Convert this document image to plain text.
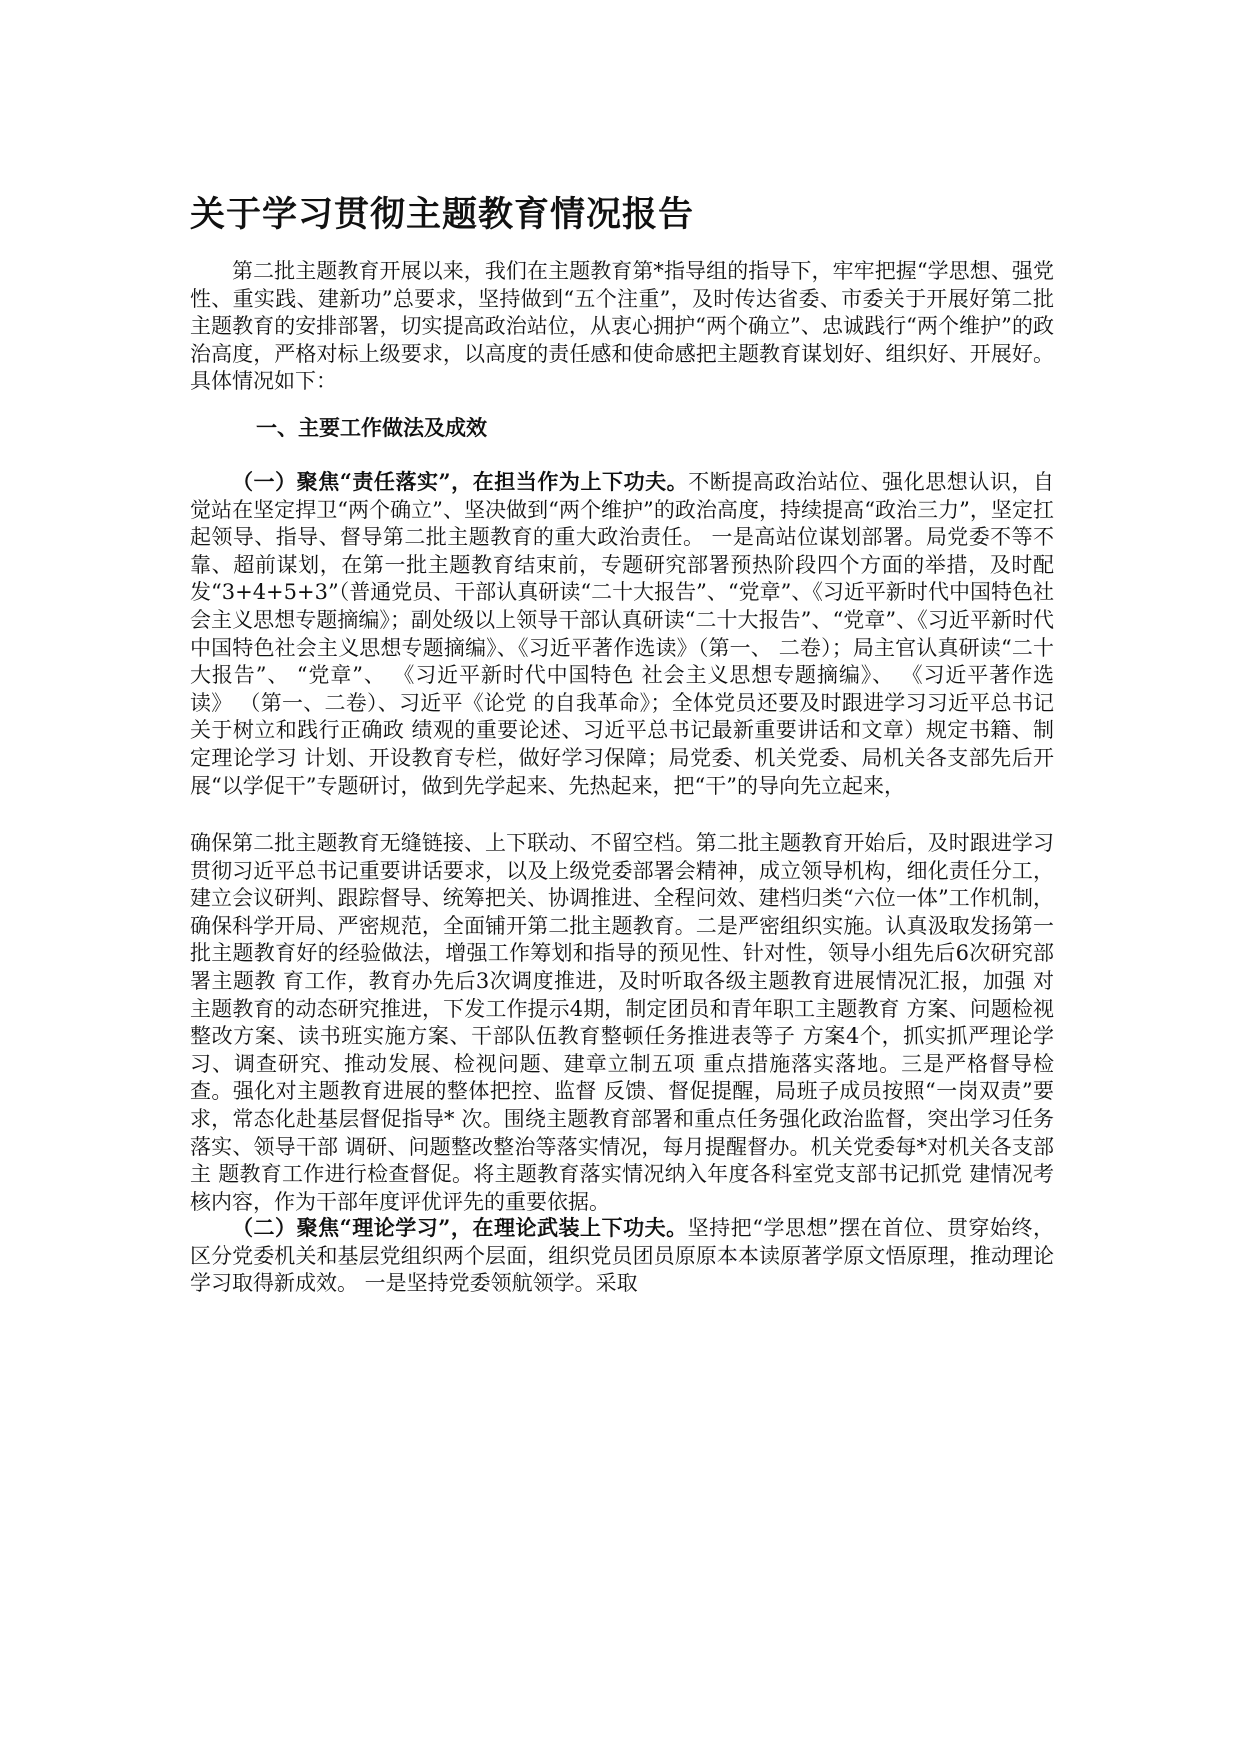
关于学习贯彻主题教育情况报告

第二批主题教育开展以来，我们在主题教育第*指导组的指导下，牢牢把握“学思想、强党性、重实践、建新功”总要求，坚持做到“五个注重”，及时传达省委、市委关于开展好第二批主题教育的安排部署，切实提高政治站位，从衷心拥护“两个确立”、忠诚践行“两个维护”的政治高度，严格对标上级要求，以高度的责任感和使命感把主题教育谋划好、组织好、开展好。具体情况如下：

一、主要工作做法及成效

（一）聚焦“责任落实”，在担当作为上下功夫。不断提高政治站位、强化思想认识，自觉站在坚定捍卫“两个确立”、坚决做到“两个维护”的政治高度，持续提高“政治三力”，坚定扛起领导、指导、督导第二批主题教育的重大政治责任。 一是高站位谋划部署。局党委不等不靠、超前谋划，在第一批主题教育结束前，专题研究部署预热阶段四个方面的举措，及时配发“3+4+5+3”（普通党员、干部认真研读“二十大报告”、“党章”、《习近平新时代中国特色社会主义思想专题摘编》；副处级以上领导干部认真研读“二十大报告”、“党章”、《习近平新时代中国特色社会主义思想专题摘编》、《习近平著作选读》（第一、 二卷）；局主官认真研读“二十大报告”、 “党章”、 《习近平新时代中国特色 社会主义思想专题摘编》、 《习近平著作选读》 （第一、二卷）、习近平《论党 的自我革命》；全体党员还要及时跟进学习习近平总书记关于树立和践行正确政 绩观的重要论述、习近平总书记最新重要讲话和文章）规定书籍、制定理论学习 计划、开设教育专栏，做好学习保障；局党委、机关党委、局机关各支部先后开 展“以学促干”专题研讨，做到先学起来、先热起来，把“干”的导向先立起来，

确保第二批主题教育无缝链接、上下联动、不留空档。第二批主题教育开始后，及时跟进学习贯彻习近平总书记重要讲话要求，以及上级党委部署会精神，成立领导机构，细化责任分工，建立会议研判、跟踪督导、统筹把关、协调推进、全程问效、建档归类“六位一体”工作机制，确保科学开局、严密规范，全面铺开第二批主题教育。二是严密组织实施。认真汲取发扬第一批主题教育好的经验做法，增强工作筹划和指导的预见性、针对性，领导小组先后6次研究部署主题教 育工作，教育办先后3次调度推进，及时听取各级主题教育进展情况汇报，加强 对主题教育的动态研究推进，下发工作提示4期，制定团员和青年职工主题教育 方案、问题检视整改方案、读书班实施方案、干部队伍教育整顿任务推进表等子 方案4个，抓实抓严理论学习、调查研究、推动发展、检视问题、建章立制五项 重点措施落实落地。三是严格督导检查。强化对主题教育进展的整体把控、监督 反馈、督促提醒，局班子成员按照“一岗双责”要求，常态化赴基层督促指导* 次。围绕主题教育部署和重点任务强化政治监督，突出学习任务落实、领导干部 调研、问题整改整治等落实情况，每月提醒督办。机关党委每*对机关各支部主 题教育工作进行检查督促。将主题教育落实情况纳入年度各科室党支部书记抓党 建情况考核内容，作为干部年度评优评先的重要依据。

（二）聚焦“理论学习”，在理论武装上下功夫。坚持把“学思想”摆在首位、贯穿始终，区分党委机关和基层党组织两个层面，组织党员团员原原本本读原著学原文悟原理，推动理论学习取得新成效。 一是坚持党委领航领学。采取
